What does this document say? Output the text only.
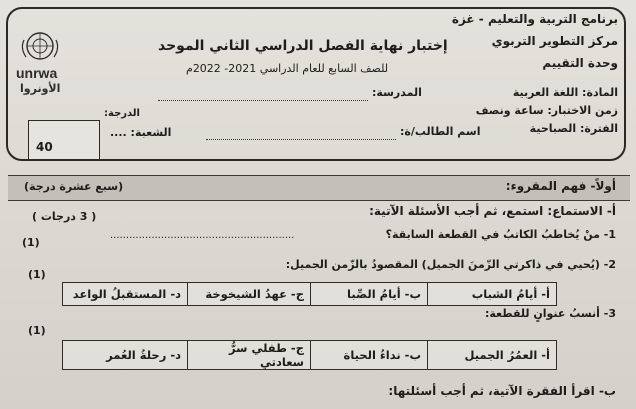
برنامج التربية والتعليم - غزة
مركز التطوير التربوي
وحدة التقييم
المادة: اللغة العربية
زمن الاختبار: ساعة ونصف
الفترة: الصباحية
إختبار نهاية الفصل الدراسي الثاني الموحد
للصف السابع للعام الدراسي 2021- 2022م
المدرسة:
اسم الطالب/ة:
الشعبة: ....
الدرجة:
unrwa
الأونروا
40
أولاً- فهم المقروء:
(سبع عشرة درجة)
أ- الاستماع: استمع، ثم أجب الأسئلة الآتية:
( 3 درجات )
1- منْ يُخاطبُ الكاتبُ في القطعة السابقة؟
..........................................................
(1)
2- (يُحيي في ذاكرتي الزّمنَ الجميل) المقصودُ بالزّمن الجميل:
(1)
أ- أيامُ الشباب	ب- أيامُ الصِّبا	ج- عهدُ الشيخوخة	د- المستقبلُ الواعد
3- أنسبُ عنوانٍ للقطعة:
(1)
أ- العمُرُ الجميل	ب- نداءُ الحياة	ج- طفلي سرُّ سعادتي	د- رحلةُ العُمر
ب- اقرأ الفقرة الآتية، ثم أجب أسئلتها:
